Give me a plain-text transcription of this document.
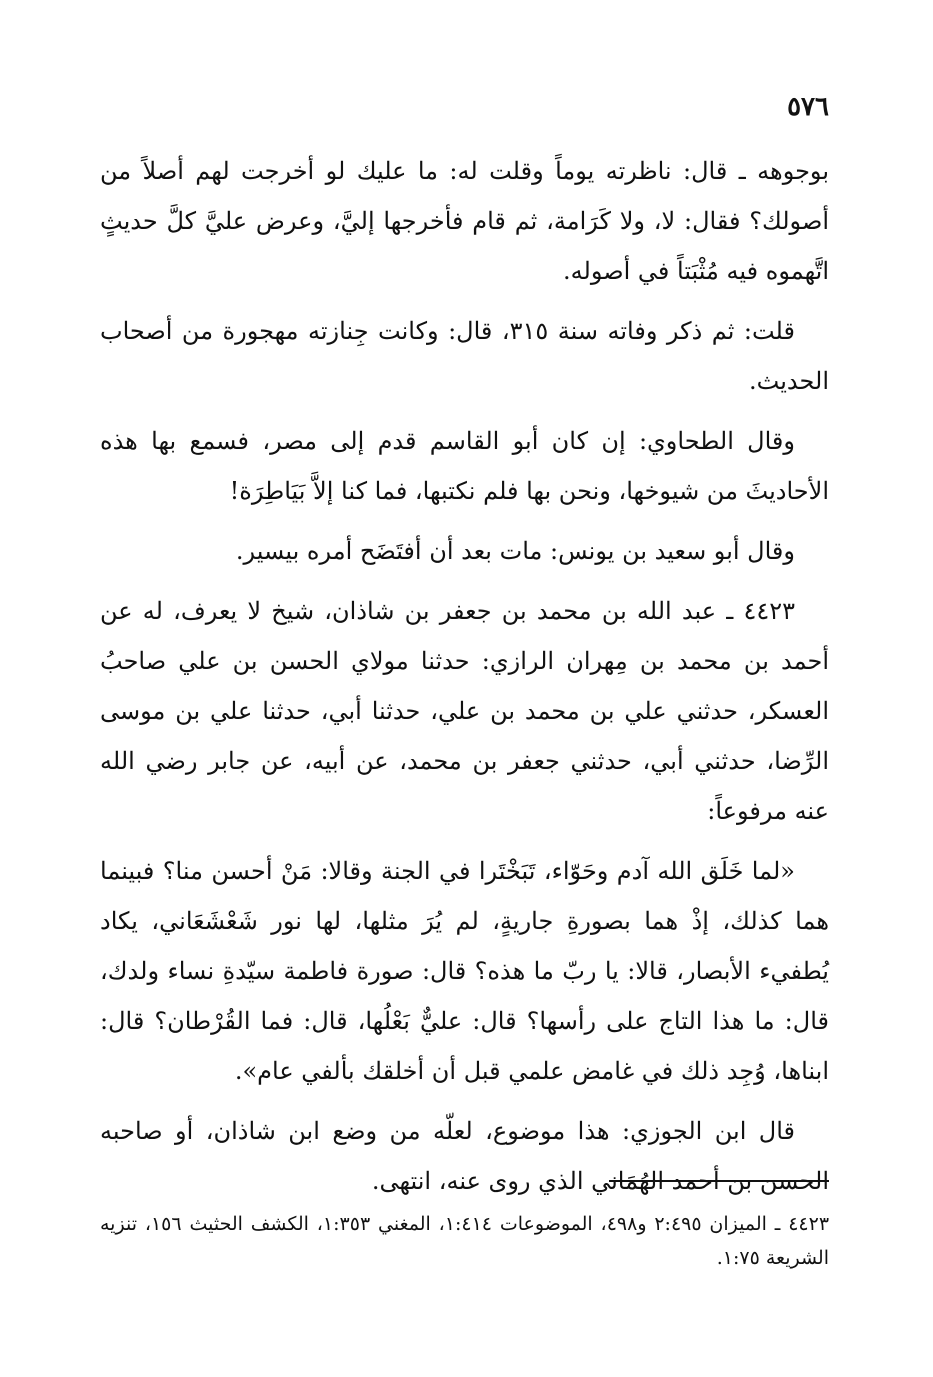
٥٧٦

بوجوهه ـ قال: ناظرته يوماً وقلت له: ما عليك لو أخرجت لهم أصلاً من أصولك؟ فقال: لا، ولا كَرَامة، ثم قام فأخرجها إليَّ، وعرض عليَّ كلَّ حديثٍ اتَّهموه فيه مُثْبَتاً في أصوله.

قلت: ثم ذكر وفاته سنة ٣١٥، قال: وكانت جِنازته مهجورة من أصحاب الحديث.

وقال الطحاوي: إن كان أبو القاسم قدم إلى مصر، فسمع بها هذه الأحاديثَ من شيوخها، ونحن بها فلم نكتبها، فما كنا إلاَّ بَيَاطِرَة!

وقال أبو سعيد بن يونس: مات بعد أن أفتَضَح أمره بيسير.

٤٤٢٣ ـ عبد الله بن محمد بن جعفر بن شاذان، شيخ لا يعرف، له عن أحمد بن محمد بن مِهران الرازي: حدثنا مولاي الحسن بن علي صاحبُ العسكر، حدثني علي بن محمد بن علي، حدثنا أبي، حدثنا علي بن موسى الرِّضا، حدثني أبي، حدثني جعفر بن محمد، عن أبيه، عن جابر رضي الله عنه مرفوعاً:

«لما خَلَق الله آدم وحَوّاء، تَبَخْتَرا في الجنة وقالا: مَنْ أحسن منا؟ فبينما هما كذلك، إذْ هما بصورةِ جاريةٍ، لم يُرَ مثلها، لها نور شَعْشَعَاني، يكاد يُطفيء الأبصار، قالا: يا ربّ ما هذه؟ قال: صورة فاطمة سيّدةِ نساء ولدك، قال: ما هذا التاج على رأسها؟ قال: عليٌّ بَعْلُها، قال: فما القُرْطان؟ قال: ابناها، وُجِد ذلك في غامض علمي قبل أن أخلقك بألفي عام».

قال ابن الجوزي: هذا موضوع، لعلّه من وضع ابن شاذان، أو صاحبه الحسن بن أحمد الهُمَاني الذي روى عنه، انتهى.

٤٤٢٣ ـ الميزان ٢:٤٩٥ و٤٩٨، الموضوعات ١:٤١٤، المغني ١:٣٥٣، الكشف الحثيث ١٥٦، تنزيه الشريعة ١:٧٥.
